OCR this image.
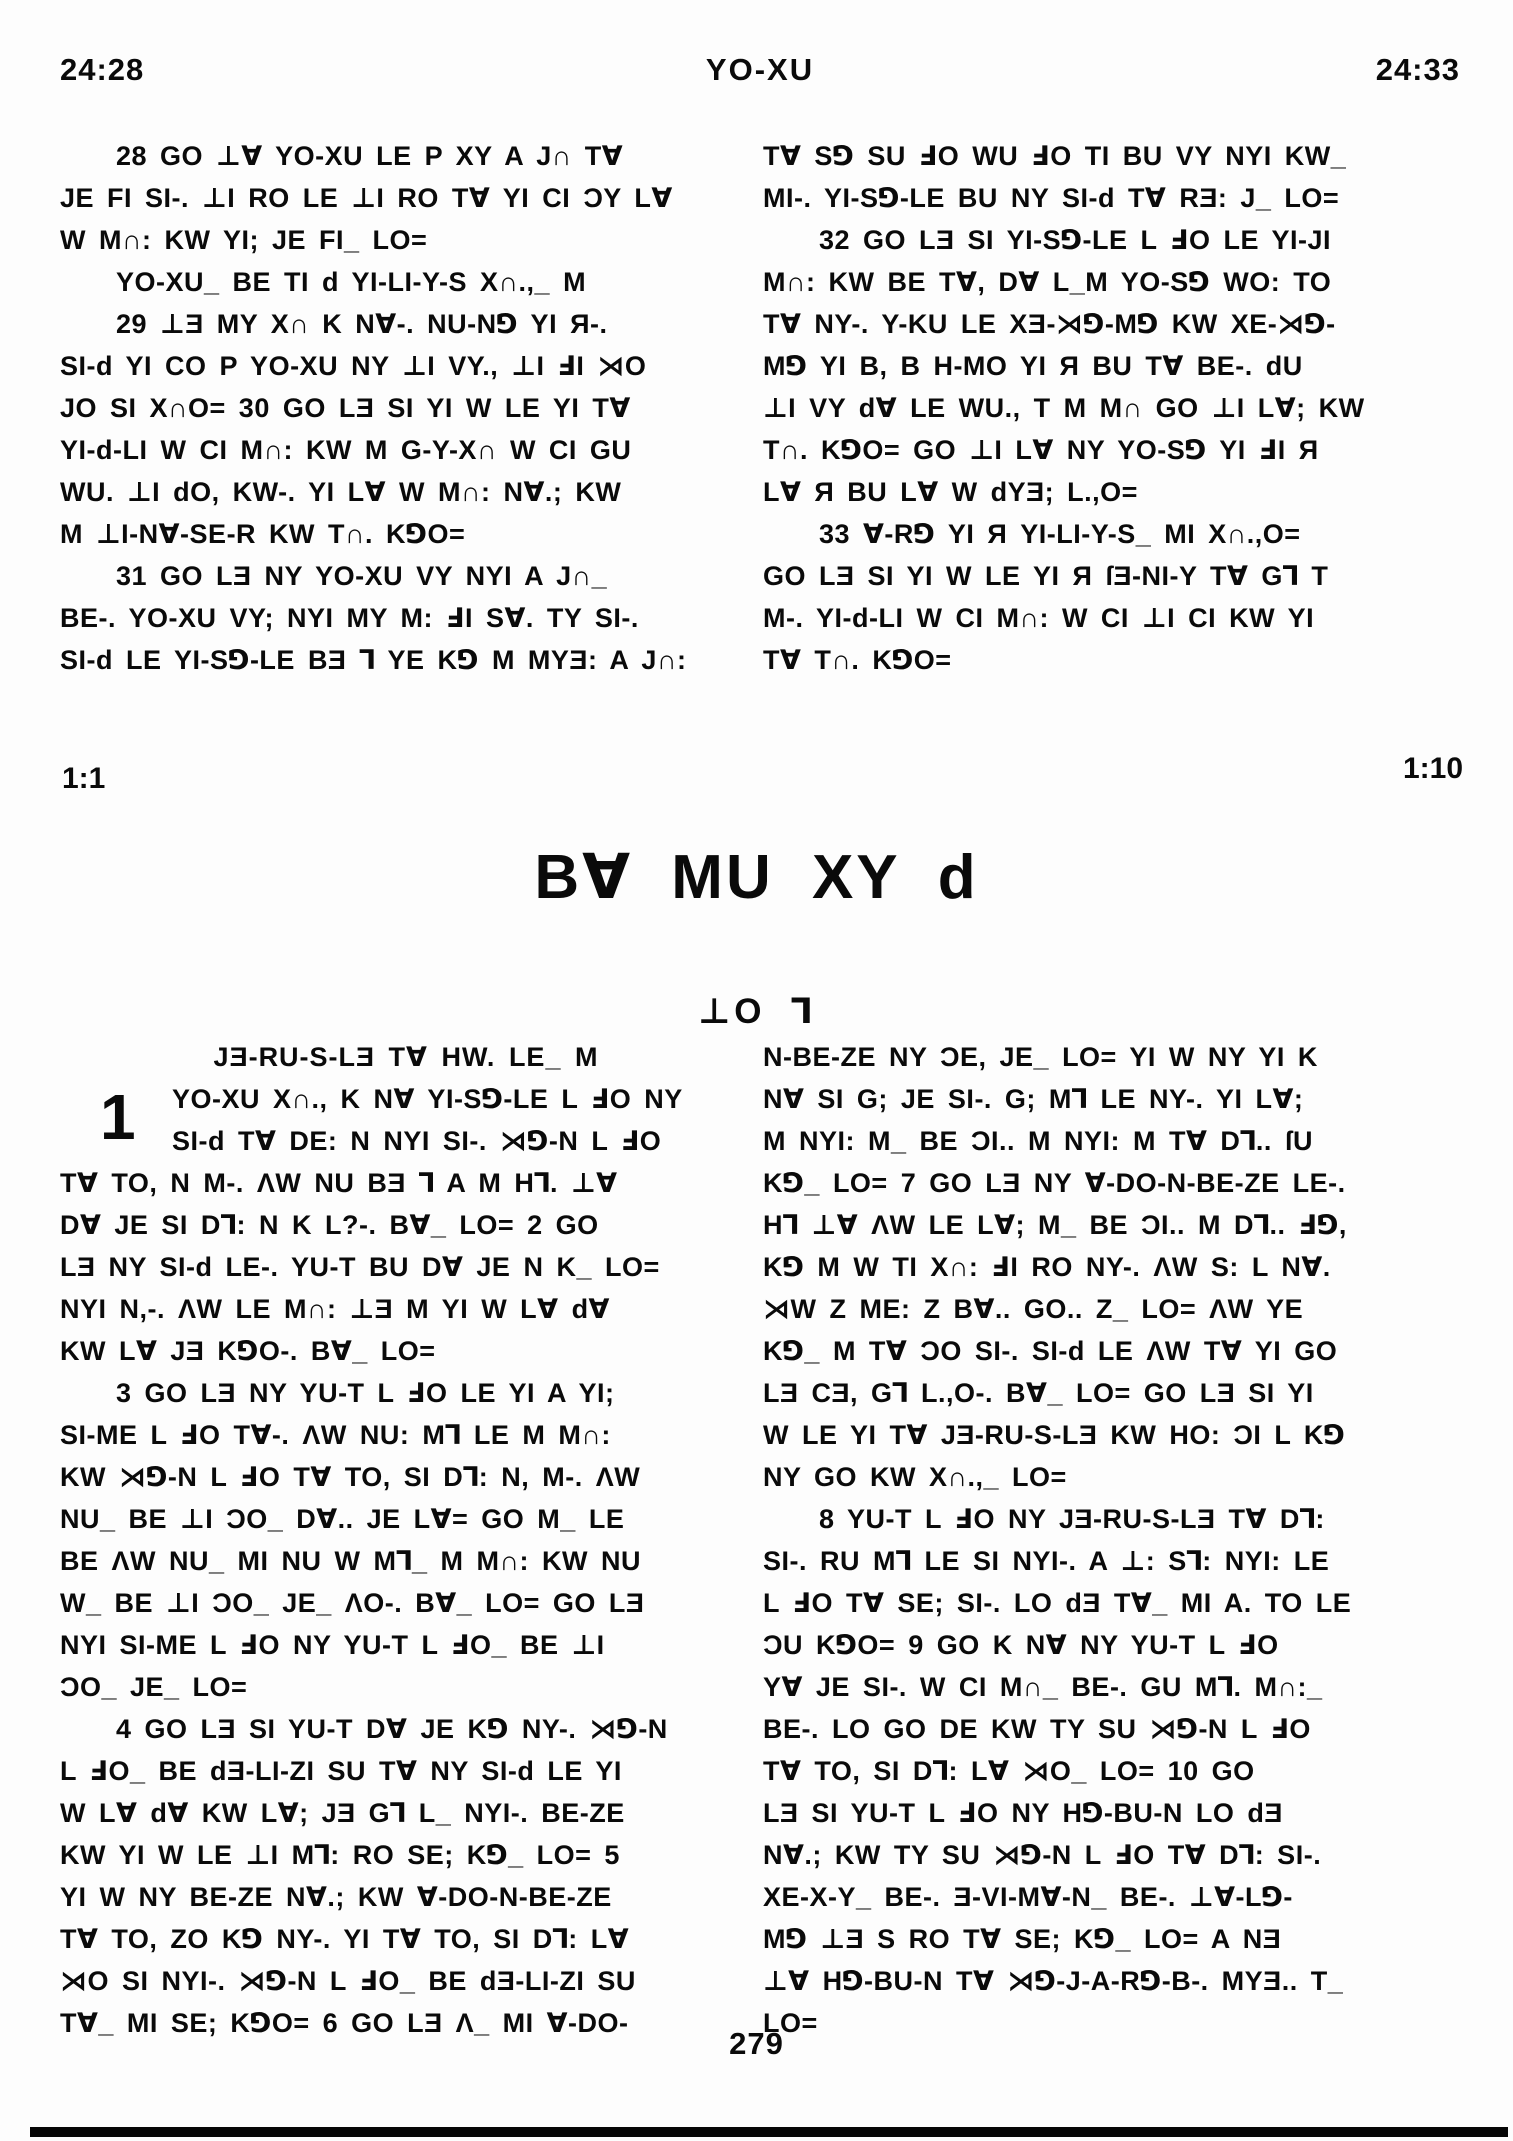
24:28	YO-XU	24:33
28 GO ⊥∀ YO-XU LE P XY A J∩ T∀
JE FI SI-. ⊥I RO LE ⊥I RO T∀ YI CI ƆY L∀
W M∩: KW YI; JE FI_ LO=
YO-XU_ BE TI d YI-LI-Y-S X∩.,_ M
29 ⊥Ǝ MY X∩ K N∀-. NU-N⅁ YI Я-.
SI-d YI CO P YO-XU NY ⊥I VY., ⊥I ℲI ⋊O
JO SI X∩O= 30 GO LƎ SI YI W LE YI T∀
YI-d-LI W CI M∩: KW M G-Y-X∩ W CI GU
WU. ⊥I dO, KW-. YI L∀ W M∩: N∀.; KW
M ⊥I-N∀-SE-R KW T∩. K⅁O=
31 GO LƎ NY YO-XU VY NYI A J∩_
BE-. YO-XU VY; NYI MY M: ℲI S∀. TY SI-.
SI-d LE YI-S⅁-LE BƎ ⅂ YE K⅁ M MYƎ: A J∩:
T∀ S⅁ SU ℲO WU ℲO TI BU VY NYI KW_
MI-. YI-S⅁-LE BU NY SI-d T∀ RƎ: J_ LO=
32 GO LƎ SI YI-S⅁-LE L ℲO LE YI-JI
M∩: KW BE T∀, D∀ L_M YO-S⅁ WO: TO
T∀ NY-. Y-KU LE XƎ-⋊⅁-M⅁ KW XE-⋊⅁-
M⅁ YI B, B H-MO YI Я BU T∀ BE-. dU
⊥I VY d∀ LE WU., T M M∩ GO ⊥I L∀; KW
T∩. K⅁O= GO ⊥I L∀ NY YO-S⅁ YI ℲI Я
L∀ Я BU L∀ W dYƎ; L.,O=
33 ∀-R⅁ YI Я YI-LI-Y-S_ MI X∩.,O=
GO LƎ SI YI W LE YI Я ſƎ-NI-Y T∀ G⅂ T
M-. YI-d-LI W CI M∩: W CI ⊥I CI KW YI
T∀ T∩. K⅁O=
1:1	1:10
B∀ MU XY d
⊥O ⅂
JƎ-RU-S-LƎ T∀ HW. LE_ M
1	YO-XU X∩., K N∀ YI-S⅁-LE L ℲO NY
SI-d T∀ DE: N NYI SI-. ⋊⅁-N L ℲO
T∀ TO, N M-. ΛW NU BƎ ⅂ A M H⅂. ⊥∀
D∀ JE SI D⅂: N K L?-. B∀_ LO= 2 GO
LƎ NY SI-d LE-. YU-T BU D∀ JE N K_ LO=
NYI N,-. ΛW LE M∩: ⊥Ǝ M YI W L∀ d∀
KW L∀ JƎ K⅁O-. B∀_ LO=
3 GO LƎ NY YU-T L ℲO LE YI A YI;
SI-ME L ℲO T∀-. ΛW NU: M⅂ LE M M∩:
KW ⋊⅁-N L ℲO T∀ TO, SI D⅂: N, M-. ΛW
NU_ BE ⊥I ƆO_ D∀.. JE L∀= GO M_ LE
BE ΛW NU_ MI NU W M⅂_ M M∩: KW NU
W_ BE ⊥I ƆO_ JE_ ΛO-. B∀_ LO= GO LƎ
NYI SI-ME L ℲO NY YU-T L ℲO_ BE ⊥I
ƆO_ JE_ LO=
4 GO LƎ SI YU-T D∀ JE K⅁ NY-. ⋊⅁-N
L ℲO_ BE dƎ-LI-ZI SU T∀ NY SI-d LE YI
W L∀ d∀ KW L∀; JƎ G⅂ L_ NYI-. BE-ZE
KW YI W LE ⊥I M⅂: RO SE; K⅁_ LO= 5
YI W NY BE-ZE N∀.; KW ∀-DO-N-BE-ZE
T∀ TO, ZO K⅁ NY-. YI T∀ TO, SI D⅂: L∀
⋊O SI NYI-. ⋊⅁-N L ℲO_ BE dƎ-LI-ZI SU
T∀_ MI SE; K⅁O= 6 GO LƎ Λ_ MI ∀-DO-
N-BE-ZE NY ƆE, JE_ LO= YI W NY YI K
N∀ SI G; JE SI-. G; M⅂ LE NY-. YI L∀;
M NYI: M_ BE ƆI.. M NYI: M T∀ D⅂.. ſU
K⅁_ LO= 7 GO LƎ NY ∀-DO-N-BE-ZE LE-.
H⅂ ⊥∀ ΛW LE L∀; M_ BE ƆI.. M D⅂.. Ⅎ⅁,
K⅁ M W TI X∩: ℲI RO NY-. ΛW S: L N∀.
⋊W Z ME: Z B∀.. GO.. Z_ LO= ΛW YE
K⅁_ M T∀ ƆO SI-. SI-d LE ΛW T∀ YI GO
LƎ CƎ, G⅂ L.,O-. B∀_ LO= GO LƎ SI YI
W LE YI T∀ JƎ-RU-S-LƎ KW HO: ƆI L K⅁
NY GO KW X∩.,_ LO=
8 YU-T L ℲO NY JƎ-RU-S-LƎ T∀ D⅂:
SI-. RU M⅂ LE SI NYI-. A ⊥: S⅂: NYI: LE
L ℲO T∀ SE; SI-. LO dƎ T∀_ MI A. TO LE
ƆU K⅁O= 9 GO K N∀ NY YU-T L ℲO
Y∀ JE SI-. W CI M∩_ BE-. GU M⅂. M∩:_
BE-. LO GO DE KW TY SU ⋊⅁-N L ℲO
T∀ TO, SI D⅂: L∀ ⋊O_ LO= 10 GO
LƎ SI YU-T L ℲO NY H⅁-BU-N LO dƎ
N∀.; KW TY SU ⋊⅁-N L ℲO T∀ D⅂: SI-.
XE-X-Y_ BE-. Ǝ-VI-M∀-N_ BE-. ⊥∀-L⅁-
M⅁ ⊥Ǝ S RO T∀ SE; K⅁_ LO= A NƎ
⊥∀ H⅁-BU-N T∀ ⋊⅁-J-A-R⅁-B-. MYƎ.. T_
LO=
279
